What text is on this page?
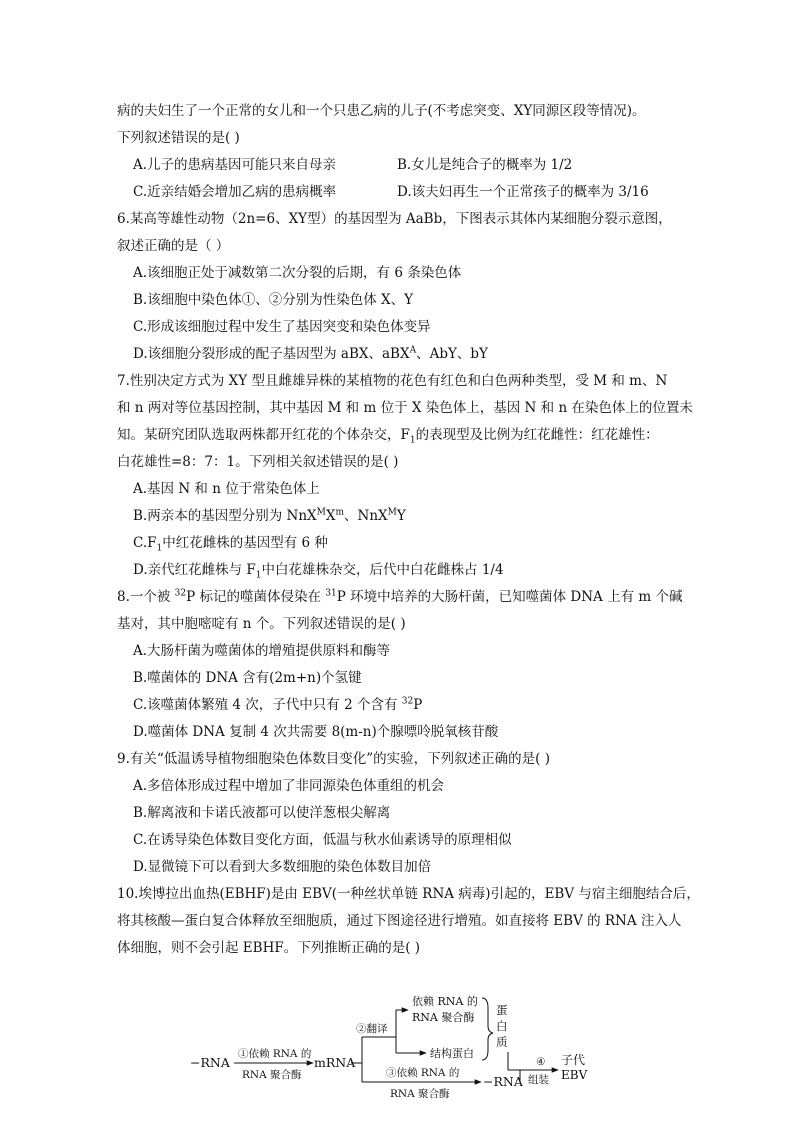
病的夫妇生了一个正常的女儿和一个只患乙病的儿子(不考虑突变、XY同源区段等情况)。
下列叙述错误的是( )
A.儿子的患病基因可能只来自母亲	B.女儿是纯合子的概率为 1/2
C.近亲结婚会增加乙病的患病概率	D.该夫妇再生一个正常孩子的概率为 3/16
6.某高等雄性动物（2n=6、XY型）的基因型为 AaBb，下图表示其体内某细胞分裂示意图，
叙述正确的是（ ）
A.该细胞正处于减数第二次分裂的后期，有 6 条染色体
B.该细胞中染色体①、②分别为性染色体 X、Y
C.形成该细胞过程中发生了基因突变和染色体变异
D.该细胞分裂形成的配子基因型为 aBX、aBX$^A$、AbY、bY
7.性别决定方式为 XY 型且雌雄异株的某植物的花色有红色和白色两种类型，受 M 和 m、N
和 n 两对等位基因控制，其中基因 M 和 m 位于 X 染色体上，基因 N 和 n 在染色体上的位置未
知。某研究团队选取两株都开红花的个体杂交，$F_1$的表现型及比例为红花雌性：红花雄性：
白花雄性=8：7：1。下列相关叙述错误的是( )
A.基因 N 和 n 位于常染色体上
B.两亲本的基因型分别为 $NnX^MX^m$、NnX$^M$Y
$C.F_1$中红花雌株的基因型有 6 种
D.亲代红花雌株与 $F_1$中白花雄株杂交，后代中白花雌株占 1/4
8.一个被 $^{32}$P 标记的噬菌体侵染在 $^{31}$P 环境中培养的大肠杆菌，已知噬菌体 DNA 上有 m 个碱
基对，其中胞嘧啶有 n 个。下列叙述错误的是( )
A.大肠杆菌为噬菌体的增殖提供原料和酶等
B.噬菌体的 DNA 含有(2m+n)个氢键
C.该噬菌体繁殖 4 次，子代中只有 2 个含有 $^{32}$P
D.噬菌体 DNA 复制 4 次共需要 8(m-n)个腺嘌呤脱氧核苷酸
9.有关“低温诱导植物细胞染色体数目变化”的实验，下列叙述正确的是( )
A.多倍体形成过程中增加了非同源染色体重组的机会
B.解离液和卡诺氏液都可以使洋葱根尖解离
C.在诱导染色体数目变化方面，低温与秋水仙素诱导的原理相似
D.显微镜下可以看到大多数细胞的染色体数目加倍
10.埃博拉出血热(EBHF)是由 EBV(一种丝状单链 RNA 病毒)引起的，EBV 与宿主细胞结合后，
将其核酸—蛋白复合体释放至细胞质，通过下图途径进行增殖。如直接将 EBV 的 RNA 注入人
体细胞，则不会引起 EBHF。下列推断正确的是( )
−RNA
①依赖 RNA 的
RNA 聚合酶
mRNA
②翻译
依赖 RNA 的
RNA 聚合酶
结构蛋白
蛋
白
质
③依赖 RNA 的
RNA 聚合酶
−RNA
④
组装
子代
EBV
